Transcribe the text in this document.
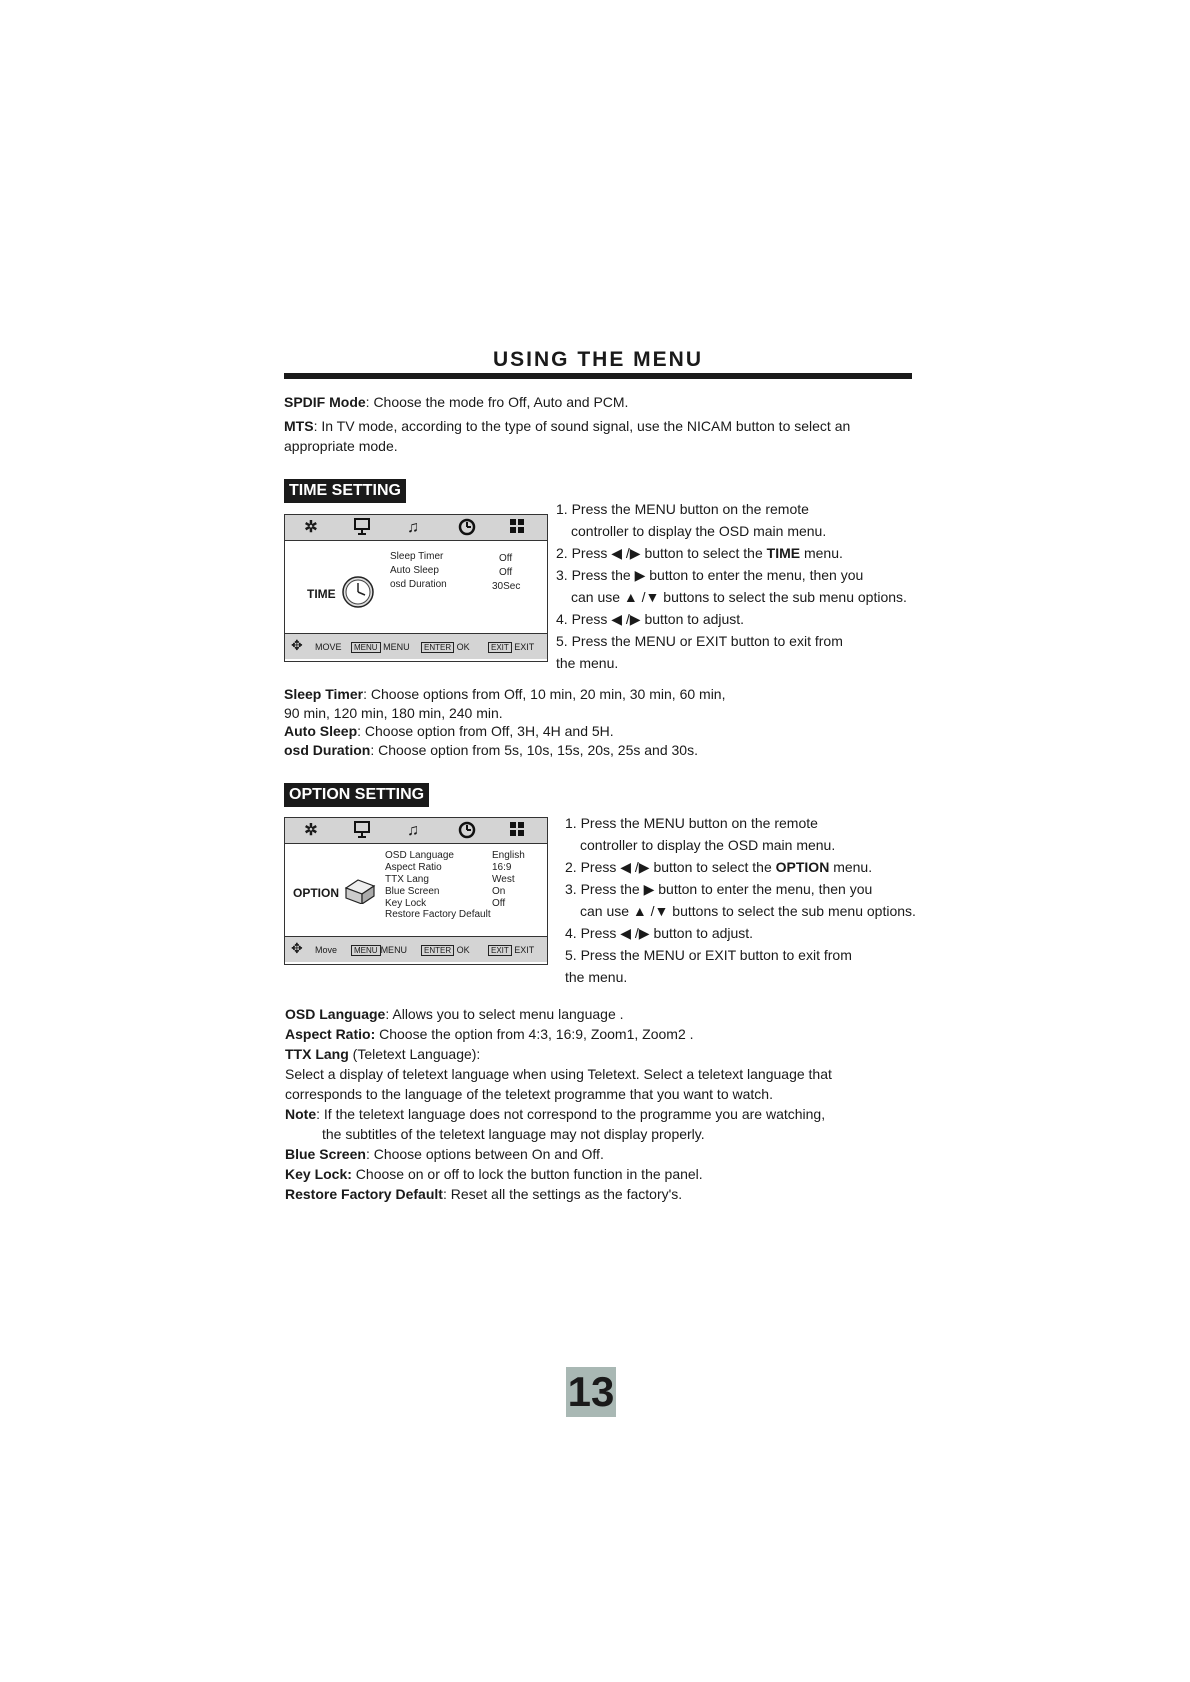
USING THE MENU
SPDIF Mode: Choose the mode fro Off, Auto and PCM.
MTS: In TV mode, according to the type of sound signal, use the NICAM button to select an appropriate mode.
TIME SETTING
✲	♫
TIME
Sleep Timer	Off
Auto Sleep	Off
osd Duration	30Sec
✥ MOVE	MENU MENU	ENTER OK	EXIT EXIT
1. Press the MENU button on the remote
controller to display the OSD main menu.
2. Press ◀ /▶ button to select the TIME menu.
3. Press the ▶ button to enter the menu, then you
can use ▲ /▼ buttons to select the sub menu options.
4. Press ◀ /▶ button to adjust.
5. Press the MENU or EXIT button to exit from
the menu.
Sleep Timer: Choose options from Off, 10 min, 20 min, 30 min, 60 min,
90 min, 120 min, 180 min, 240 min.
Auto Sleep: Choose option from Off, 3H, 4H and 5H.
osd Duration: Choose option from 5s, 10s, 15s, 20s, 25s and 30s.
OPTION SETTING
✲	♫
OPTION
OSD Language	English
Aspect Ratio	16:9
TTX Lang	West
Blue Screen	On
Key Lock	Off
Restore Factory Default
✥ Move	MENU MENU	ENTER OK	EXIT EXIT
1. Press the MENU button on the remote
controller to display the OSD main menu.
2. Press ◀ /▶ button to select the OPTION menu.
3. Press the ▶ button to enter the menu, then you
can use ▲ /▼ buttons to select the sub menu options.
4. Press ◀ /▶ button to adjust.
5. Press the MENU or EXIT button to exit from
the menu.
OSD Language: Allows you to select menu language .
Aspect Ratio: Choose the option from 4:3, 16:9, Zoom1, Zoom2 .
TTX Lang (Teletext Language):
Select a display of teletext language when using Teletext. Select a teletext language that
corresponds to the language of the teletext programme that you want to watch.
Note: If the teletext language does not correspond to the programme you are watching,
the subtitles of the teletext language may not display properly.
Blue Screen: Choose options between On and Off.
Key Lock: Choose on or off to lock the button function in the panel.
Restore Factory Default: Reset all the settings as the factory's.
13
